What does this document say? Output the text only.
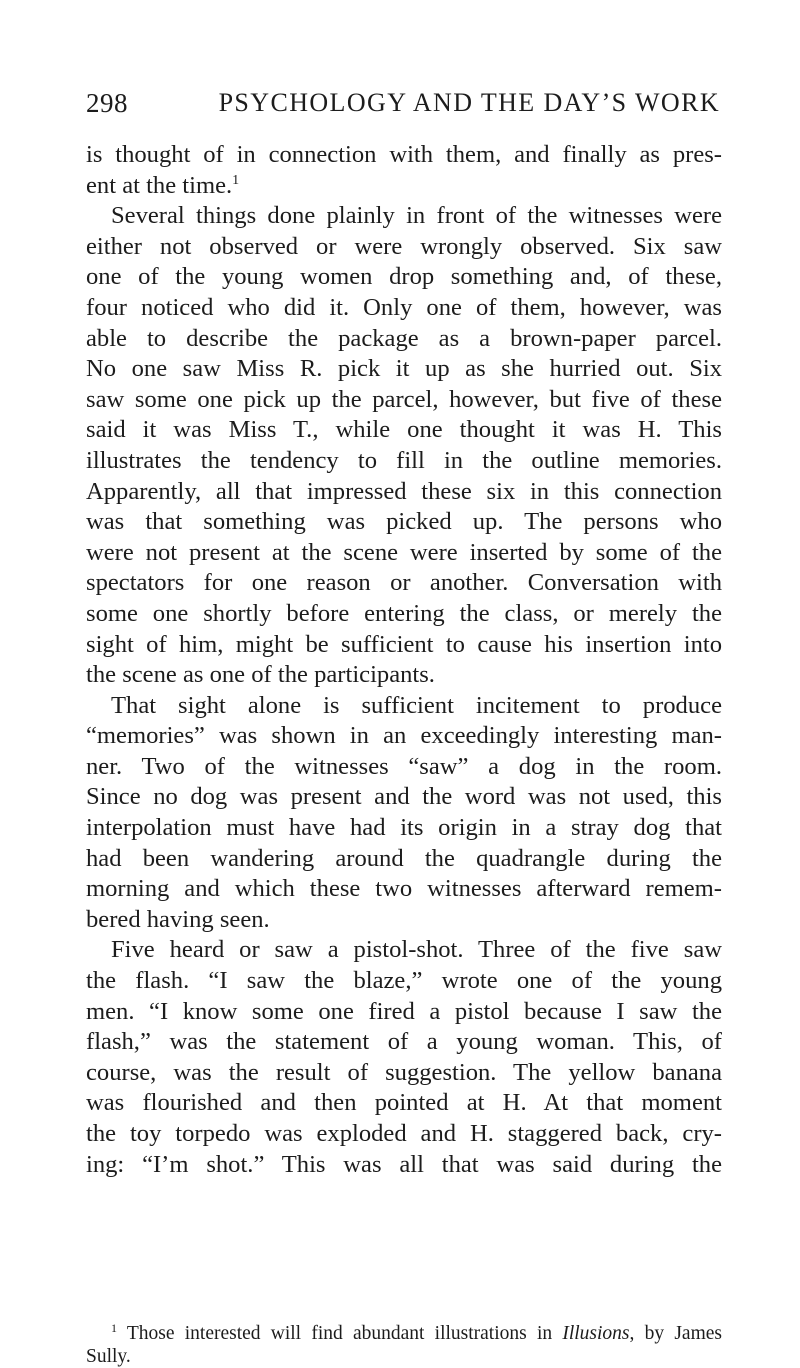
298	PSYCHOLOGY AND THE DAY’S WORK
is thought of in connection with them, and finally as pres-
ent at the time.$^1$
Several things done plainly in front of the witnesses were
either not observed or were wrongly observed. Six saw
one of the young women drop something and, of these,
four noticed who did it. Only one of them, however, was
able to describe the package as a brown-paper parcel.
No one saw Miss R. pick it up as she hurried out. Six
saw some one pick up the parcel, however, but five of these
said it was Miss T., while one thought it was H. This
illustrates the tendency to fill in the outline memories.
Apparently, all that impressed these six in this connection
was that something was picked up. The persons who
were not present at the scene were inserted by some of the
spectators for one reason or another. Conversation with
some one shortly before entering the class, or merely the
sight of him, might be sufficient to cause his insertion into
the scene as one of the participants.
That sight alone is sufficient incitement to produce
“memories” was shown in an exceedingly interesting man-
ner. Two of the witnesses “saw” a dog in the room.
Since no dog was present and the word was not used, this
interpolation must have had its origin in a stray dog that
had been wandering around the quadrangle during the
morning and which these two witnesses afterward remem-
bered having seen.
Five heard or saw a pistol-shot. Three of the five saw
the flash. “I saw the blaze,” wrote one of the young
men. “I know some one fired a pistol because I saw the
flash,” was the statement of a young woman. This, of
course, was the result of suggestion. The yellow banana
was flourished and then pointed at H. At that moment
the toy torpedo was exploded and H. staggered back, cry-
ing: “I’m shot.” This was all that was said during the
$^1$ Those interested will find abundant illustrations in Illusions, by James
Sully.
